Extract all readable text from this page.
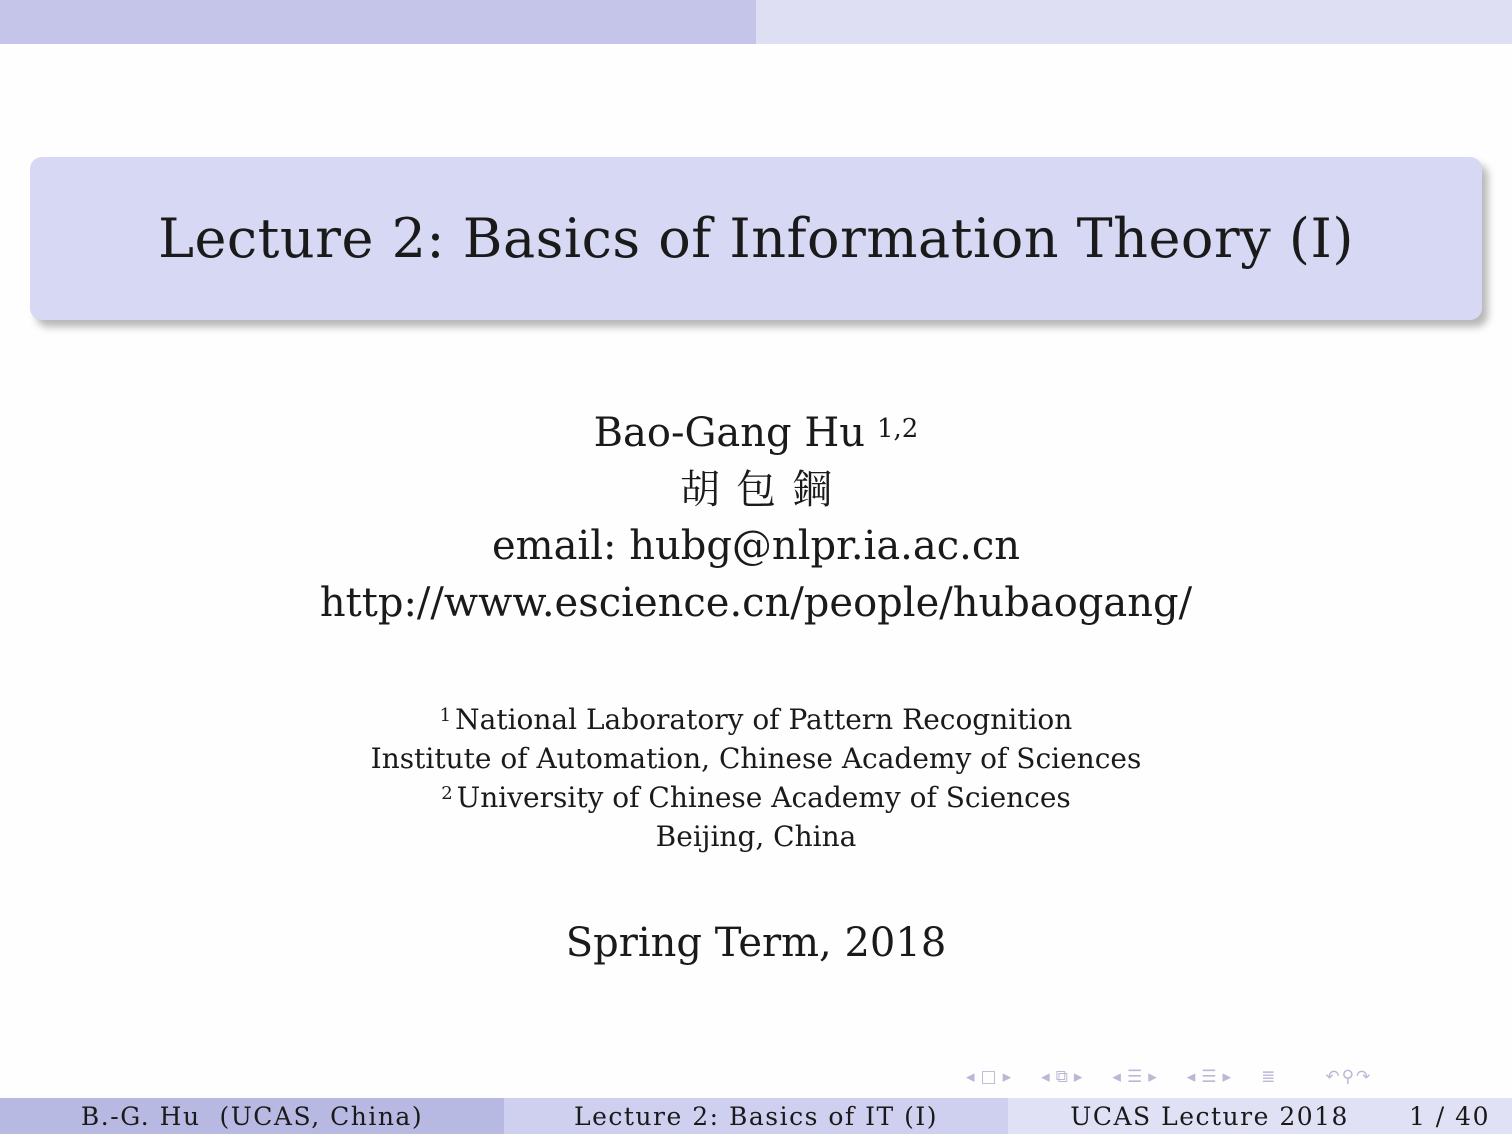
Lecture 2: Basics of Information Theory (I)
Bao-Gang Hu $^{1,2}$
胡包鋼
email: hubg@nlpr.ia.ac.cn
http://www.escience.cn/people/hubaogang/
$^1$ National Laboratory of Pattern Recognition
Institute of Automation, Chinese Academy of Sciences
$^2$ University of Chinese Academy of Sciences
Beijing, China
Spring Term, 2018
◂ □ ▸ ◂ ⧉ ▸ ◂ ☰ ▸ ◂ ☰ ▸ ≣	↶ ⚲ ↷
B.-G. Hu  (UCAS, China)	Lecture 2: Basics of IT (I)	UCAS Lecture 2018 1 / 40
